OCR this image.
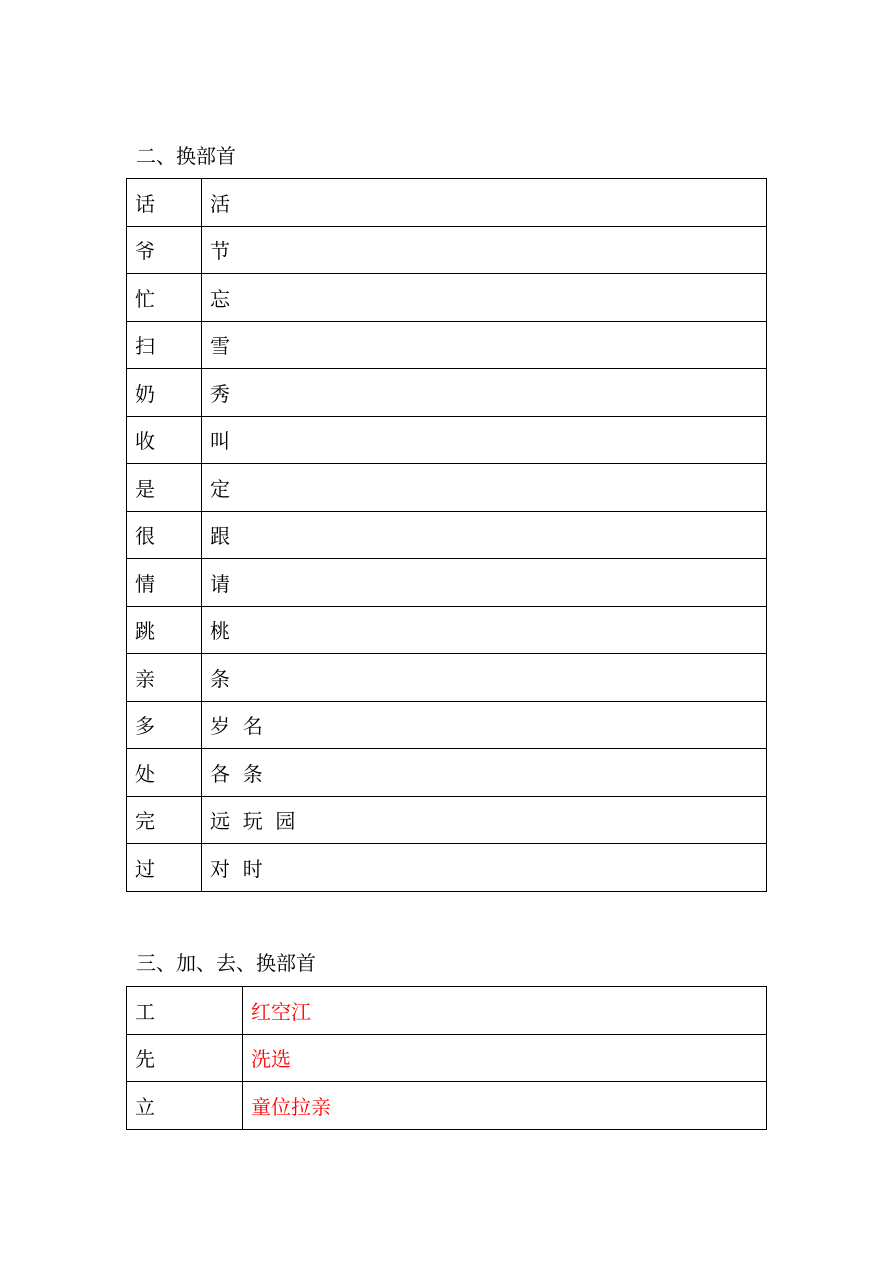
二、换部首
话	活
爷	节
忙	忘
扫	雪
奶	秀
收	叫
是	定
很	跟
情	请
跳	桃
亲	条
多	岁  名
处	各  条
完	远  玩  园
过	对  时
三、加、去、换部首
工	红空江
先	洗选
立	童位拉亲
